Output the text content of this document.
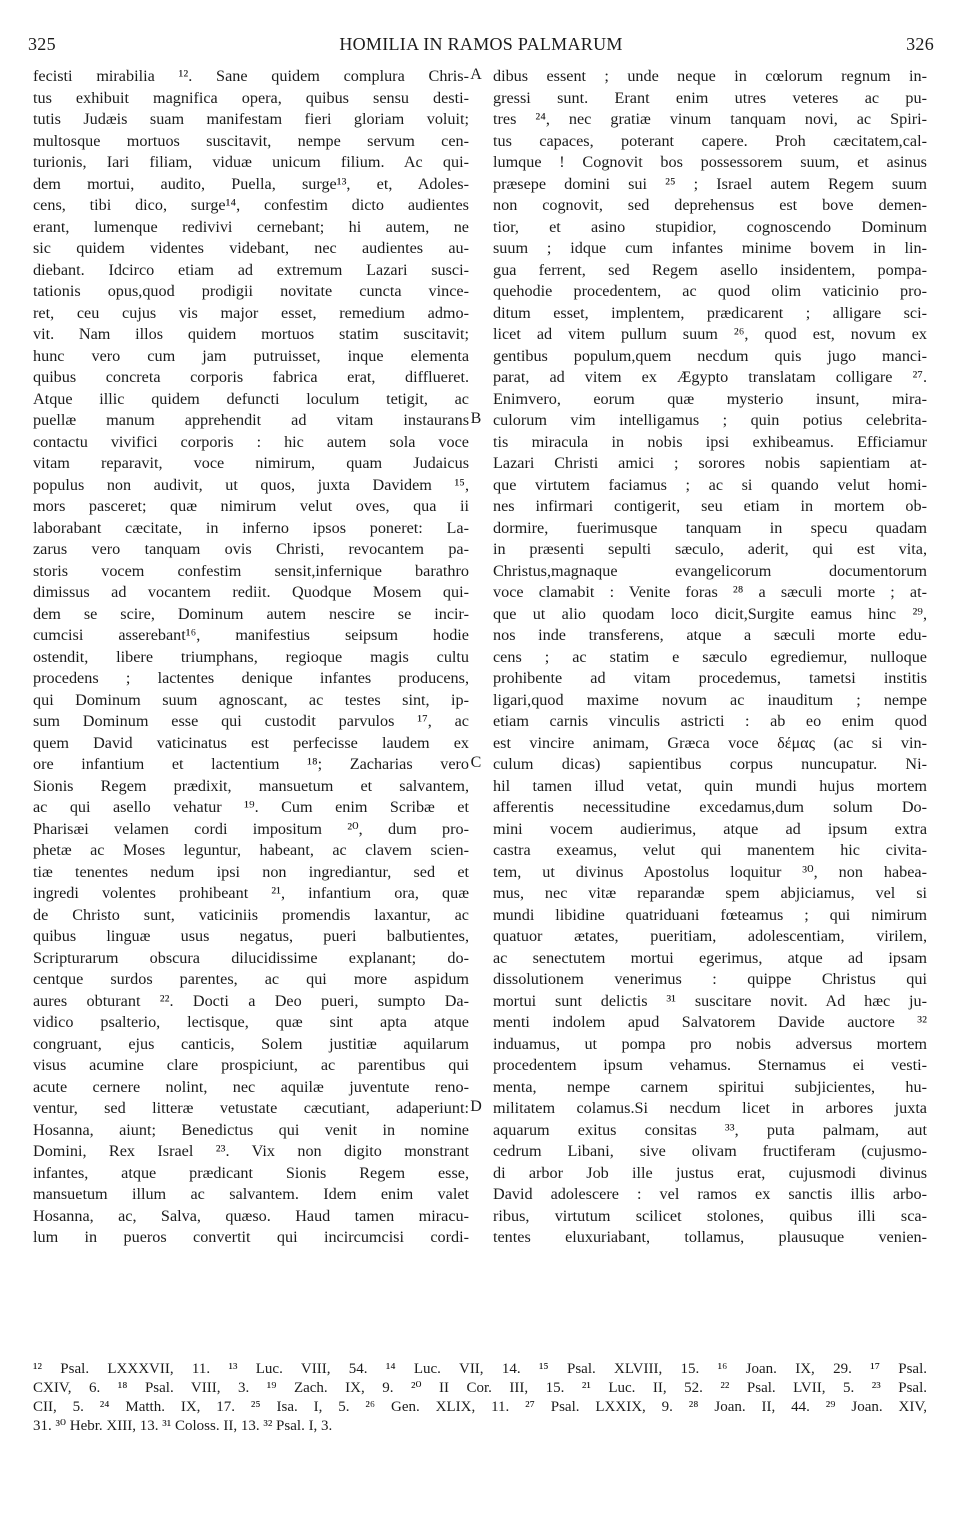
325	HOMILIA IN RAMOS PALMARUM	326
fecisti mirabilia ¹². Sane quidem complura Chris-
tus exhibuit magnifica opera, quibus sensu desti-
tutis Judæis suam manifestam fieri gloriam voluit;
multosque mortuos suscitavit, nempe servum cen-
turionis, Iari filiam, viduæ unicum filium. Ac qui-
dem mortui, audito, Puella, surge¹³, et, Adoles-
cens, tibi dico, surge¹⁴, confestim dicto audientes
erant, lumenque redivivi cernebant; hi autem, ne
sic quidem videntes videbant, nec audientes au-
diebant. Idcirco etiam ad extremum Lazari susci-
tationis opus,quod prodigii novitate cuncta vince-
ret, ceu cujus vis major esset, remedium admo-
vit. Nam illos quidem mortuos statim suscitavit;
hunc vero cum jam putruisset, inque elementa
quibus concreta corporis fabrica erat, difflueret.
Atque illic quidem defuncti loculum tetigit, ac
puellæ manum apprehendit ad vitam instaurans
contactu vivifici corporis : hic autem sola voce
vitam reparavit, voce nimirum, quam Judaicus
populus non audivit, ut quos, juxta Davidem ¹⁵,
mors pasceret; quæ nimirum velut oves, qua ii
laborabant cæcitate, in inferno ipsos poneret: La-
zarus vero tanquam ovis Christi, revocantem pa-
storis vocem confestim sensit,infernique barathro
dimissus ad vocantem rediit. Quodque Mosem qui-
dem se scire, Dominum autem nescire se incir-
cumcisi asserebant¹⁶, manifestius seipsum hodie
ostendit, libere triumphans, regioque magis cultu
procedens ; lactentes denique infantes producens,
qui Dominum suum agnoscant, ac testes sint, ip-
sum Dominum esse qui custodit parvulos ¹⁷, ac
quem David vaticinatus est perfecisse laudem ex
ore infantium et lactentium ¹⁸; Zacharias vero
Sionis Regem prædixit, mansuetum et salvantem,
ac qui asello vehatur ¹⁹. Cum enim Scribæ et
Pharisæi velamen cordi impositum ²⁰, dum pro-
phetæ ac Moses leguntur, habeant, ac clavem scien-
tiæ tenentes nedum ipsi non ingrediantur, sed et
ingredi volentes prohibeant ²¹, infantium ora, quæ
de Christo sunt, vaticiniis promendis laxantur, ac
quibus linguæ usus negatus, pueri balbutientes,
Scripturarum obscura dilucidissime explanant; do-
centque surdos parentes, ac qui more aspidum
aures obturant ²². Docti a Deo pueri, sumpto Da-
vidico psalterio, lectisque, quæ sint apta atque
congruant, ejus canticis, Solem justitiæ aquilarum
visus acumine clare prospiciunt, ac parentibus qui
acute cernere nolint, nec aquilæ juventute reno-
ventur, sed litteræ vetustate cæcutiant, adaperiunt:
Hosanna, aiunt; Benedictus qui venit in nomine
Domini, Rex Israel ²³. Vix non digito monstrant
infantes, atque prædicant Sionis Regem esse,
mansuetum illum ac salvantem. Idem enim valet
Hosanna, ac, Salva, quæso. Haud tamen miracu-
lum in pueros convertit qui incircumcisi cordi-
dibus essent ; unde neque in cœlorum regnum in-
gressi sunt. Erant enim utres veteres ac pu-
tres ²⁴, nec gratiæ vinum tanquam novi, ac Spiri-
tus capaces, poterant capere. Proh cæcitatem,cal-
lumque ! Cognovit bos possessorem suum, et asinus
præsepe domini sui ²⁵ ; Israel autem Regem suum
non cognovit, sed deprehensus est bove demen-
tior, et asino stupidior, cognoscendo Dominum
suum ; idque cum infantes minime bovem in lin-
gua ferrent, sed Regem asello insidentem, pompa-
quehodie procedentem, ac quod olim vaticinio pro-
ditum esset, implentem, prædicarent ; alligare sci-
licet ad vitem pullum suum ²⁶, quod est, novum ex
gentibus populum,quem necdum quis jugo manci-
parat, ad vitem ex Ægypto translatam colligare ²⁷.
Enimvero, eorum quæ mysterio insunt, mira-
culorum vim intelligamus ; quin potius celebrita-
tis miracula in nobis ipsi exhibeamus. Efficiamur
Lazari Christi amici ; sorores nobis sapientiam at-
que virtutem faciamus ; ac si quando velut homi-
nes infirmari contigerit, seu etiam in mortem ob-
dormire, fuerimusque tanquam in specu quadam
in præsenti sepulti sæculo, aderit, qui est vita,
Christus,magnaque evangelicorum documentorum
voce clamabit : Venite foras ²⁸ a sæculi morte ; at-
que ut alio quodam loco dicit,Surgite eamus hinc ²⁹,
nos inde transferens, atque a sæculi morte edu-
cens ; ac statim e sæculo egrediemur, nulloque
prohibente ad vitam procedemus, tametsi institis
ligari,quod maxime novum ac inauditum ; nempe
etiam carnis vinculis astricti : ab eo enim quod
est vincire animam, Græca voce δέμας (ac si vin-
culum dicas) sapientibus corpus nuncupatur. Ni-
hil tamen illud vetat, quin mundi hujus mortem
afferentis necessitudine excedamus,dum solum Do-
mini vocem audierimus, atque ad ipsum extra
castra exeamus, velut qui manentem hic civita-
tem, ut divinus Apostolus loquitur ³⁰, non habea-
mus, nec vitæ reparandæ spem abjiciamus, vel si
mundi libidine quatriduani fœteamus ; qui nimirum
quatuor ætates, pueritiam, adolescentiam, virilem,
ac senectutem mortui egerimus, atque ad ipsam
dissolutionem venerimus : quippe Christus qui
mortui sunt delictis ³¹ suscitare novit. Ad hæc ju-
menti indolem apud Salvatorem Davide auctore ³²
induamus, ut pompa pro nobis adversus mortem
procedentem ipsum vehamus. Sternamus ei vesti-
menta, nempe carnem spiritui subjicientes, hu-
militatem colamus.Si necdum licet in arbores juxta
aquarum exitus consitas ³³, puta palmam, aut
cedrum Libani, sive olivam fructiferam (cujusmo-
di arbor Job ille justus erat, cujusmodi divinus
David adolescere : vel ramos ex sanctis illis arbo-
ribus, virtutum scilicet stolones, quibus illi sca-
tentes eluxuriabant, tollamus, plausuque venien-
A
B
C
D
¹² Psal. LXXXVII, 11. ¹³ Luc. VIII, 54. ¹⁴ Luc. VII, 14. ¹⁵ Psal. XLVIII, 15. ¹⁶ Joan. IX, 29. ¹⁷ Psal.
CXIV, 6. ¹⁸ Psal. VIII, 3. ¹⁹ Zach. IX, 9. ²⁰ II Cor. III, 15. ²¹ Luc. II, 52. ²² Psal. LVII, 5. ²³ Psal.
CII, 5. ²⁴ Matth. IX, 17. ²⁵ Isa. I, 5. ²⁶ Gen. XLIX, 11. ²⁷ Psal. LXXIX, 9. ²⁸ Joan. II, 44. ²⁹ Joan. XIV,
31. ³⁰ Hebr. XIII, 13. ³¹ Coloss. II, 13. ³² Psal. I, 3.
